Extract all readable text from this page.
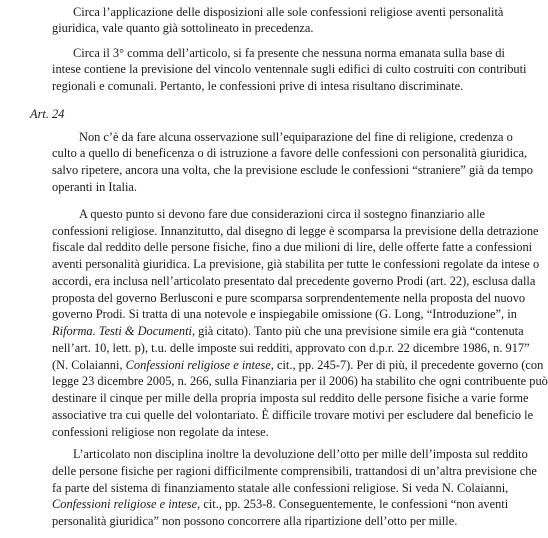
Circa l’applicazione delle disposizioni alle sole confessioni religiose aventi personalità
giuridica, vale quanto già sottolineato in precedenza.
Circa il 3° comma dell’articolo, si fa presente che nessuna norma emanata sulla base di
intese contiene la previsione del vincolo ventennale sugli edifici di culto costruiti con contributi
regionali e comunali. Pertanto, le confessioni prive di intesa risultano discriminate.
Art. 24
Non c’è da fare alcuna osservazione sull’equiparazione del fine di religione, credenza o
culto a quello di beneficenza o di istruzione a favore delle confessioni con personalità giuridica,
salvo ripetere, ancora una volta, che la previsione esclude le confessioni “straniere” già da tempo
operanti in Italia.
A questo punto si devono fare due considerazioni circa il sostegno finanziario alle
confessioni religiose. Innanzitutto, dal disegno di legge è scomparsa la previsione della detrazione
fiscale dal reddito delle persone fisiche, fino a due milioni di lire, delle offerte fatte a confessioni
aventi personalità giuridica. La previsione, già stabilita per tutte le confessioni regolate da intese o
accordi, era inclusa nell’articolato presentato dal precedente governo Prodi (art. 22), esclusa dalla
proposta del governo Berlusconi e pure scomparsa sorprendentemente nella proposta del nuovo
governo Prodi. Si tratta di una notevole e inspiegabile omissione (G. Long, “Introduzione”, in
Riforma. Testi & Documenti, già citato). Tanto più che una previsione simile era già “contenuta
nell’art. 10, lett. p), t.u. delle imposte sui redditi, approvato con d.p.r. 22 dicembre 1986, n. 917”
(N. Colaianni, Confessioni religiose e intese, cit., pp. 245-7). Per di più, il precedente governo (con
legge 23 dicembre 2005, n. 266, sulla Finanziaria per il 2006) ha stabilito che ogni contribuente può
destinare il cinque per mille della propria imposta sul reddito delle persone fisiche a varie forme
associative tra cui quelle del volontariato. È difficile trovare motivi per escludere dal beneficio le
confessioni religiose non regolate da intese.
L’articolato non disciplina inoltre la devoluzione dell’otto per mille dell’imposta sul reddito
delle persone fisiche per ragioni difficilmente comprensibili, trattandosi di un’altra previsione che
fa parte del sistema di finanziamento statale alle confessioni religiose. Si veda N. Colaianni,
Confessioni religiose e intese, cit., pp. 253-8. Conseguentemente, le confessioni “non aventi
personalità giuridica” non possono concorrere alla ripartizione dell’otto per mille.
